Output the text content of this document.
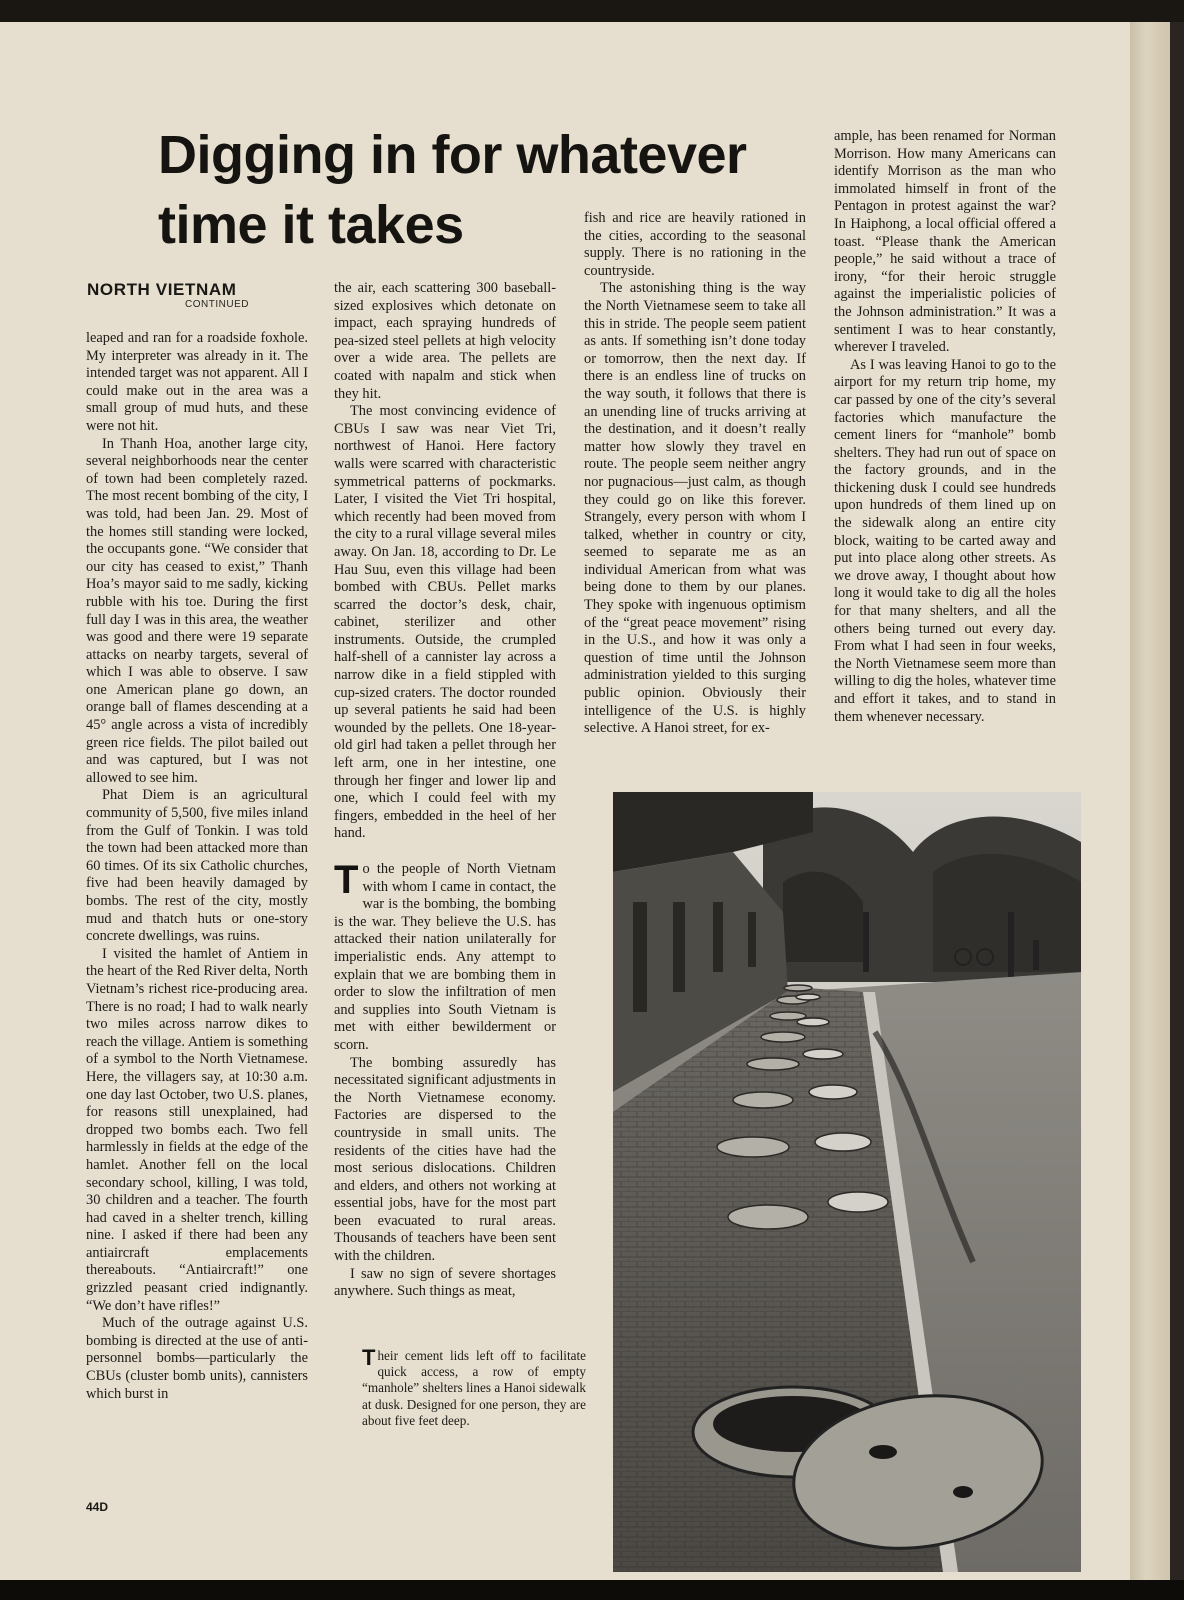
Digging in for whatever
time it takes
NORTH VIETNAM
CONTINUED

leaped and ran for a roadside foxhole. My interpreter was already in it. The intended target was not apparent. All I could make out in the area was a small group of mud huts, and these were not hit.

In Thanh Hoa, another large city, several neighborhoods near the center of town had been completely razed. The most recent bombing of the city, I was told, had been Jan. 29. Most of the homes still standing were locked, the occupants gone. “We consider that our city has ceased to exist,” Thanh Hoa’s mayor said to me sadly, kicking rubble with his toe. During the first full day I was in this area, the weather was good and there were 19 separate attacks on nearby targets, several of which I was able to observe. I saw one American plane go down, an orange ball of flames descending at a 45° angle across a vista of incredibly green rice fields. The pilot bailed out and was captured, but I was not allowed to see him.

Phat Diem is an agricultural community of 5,500, five miles inland from the Gulf of Tonkin. I was told the town had been attacked more than 60 times. Of its six Catholic churches, five had been heavily damaged by bombs. The rest of the city, mostly mud and thatch huts or one-story concrete dwellings, was ruins.

I visited the hamlet of Antiem in the heart of the Red River delta, North Vietnam’s richest rice-producing area. There is no road; I had to walk nearly two miles across narrow dikes to reach the village. Antiem is something of a symbol to the North Vietnamese. Here, the villagers say, at 10:30 a.m. one day last October, two U.S. planes, for reasons still unexplained, had dropped two bombs each. Two fell harmlessly in fields at the edge of the hamlet. Another fell on the local secondary school, killing, I was told, 30 children and a teacher. The fourth had caved in a shelter trench, killing nine. I asked if there had been any antiaircraft emplacements thereabouts. “Antiaircraft!” one grizzled peasant cried indignantly. “We don’t have rifles!”

Much of the outrage against U.S. bombing is directed at the use of anti-personnel bombs—particularly the CBUs (cluster bomb units), cannisters which burst in

the air, each scattering 300 baseball-sized explosives which detonate on impact, each spraying hundreds of pea-sized steel pellets at high velocity over a wide area. The pellets are coated with napalm and stick when they hit.

The most convincing evidence of CBUs I saw was near Viet Tri, northwest of Hanoi. Here factory walls were scarred with characteristic symmetrical patterns of pockmarks. Later, I visited the Viet Tri hospital, which recently had been moved from the city to a rural village several miles away. On Jan. 18, according to Dr. Le Hau Suu, even this village had been bombed with CBUs. Pellet marks scarred the doctor’s desk, chair, cabinet, sterilizer and other instruments. Outside, the crumpled half-shell of a cannister lay across a narrow dike in a field stippled with cup-sized craters. The doctor rounded up several patients he said had been wounded by the pellets. One 18-year-old girl had taken a pellet through her left arm, one in her intestine, one through her finger and lower lip and one, which I could feel with my fingers, embedded in the heel of her hand.

To the people of North Vietnam with whom I came in contact, the war is the bombing, the bombing is the war. They believe the U.S. has attacked their nation unilaterally for imperialistic ends. Any attempt to explain that we are bombing them in order to slow the infiltration of men and supplies into South Vietnam is met with either bewilderment or scorn.

The bombing assuredly has necessitated significant adjustments in the North Vietnamese economy. Factories are dispersed to the countryside in small units. The residents of the cities have had the most serious dislocations. Children and elders, and others not working at essential jobs, have for the most part been evacuated to rural areas. Thousands of teachers have been sent with the children.

I saw no sign of severe shortages anywhere. Such things as meat,

fish and rice are heavily rationed in the cities, according to the seasonal supply. There is no rationing in the countryside.

The astonishing thing is the way the North Vietnamese seem to take all this in stride. The people seem patient as ants. If something isn’t done today or tomorrow, then the next day. If there is an endless line of trucks on the way south, it follows that there is an unending line of trucks arriving at the destination, and it doesn’t really matter how slowly they travel en route. The people seem neither angry nor pugnacious—just calm, as though they could go on like this forever. Strangely, every person with whom I talked, whether in country or city, seemed to separate me as an individual American from what was being done to them by our planes. They spoke with ingenuous optimism of the “great peace movement” rising in the U.S., and how it was only a question of time until the Johnson administration yielded to this surging public opinion. Obviously their intelligence of the U.S. is highly selective. A Hanoi street, for ex-

ample, has been renamed for Norman Morrison. How many Americans can identify Morrison as the man who immolated himself in front of the Pentagon in protest against the war? In Haiphong, a local official offered a toast. “Please thank the American people,” he said without a trace of irony, “for their heroic struggle against the imperialistic policies of the Johnson administration.” It was a sentiment I was to hear constantly, wherever I traveled.

As I was leaving Hanoi to go to the airport for my return trip home, my car passed by one of the city’s several factories which manufacture the cement liners for “manhole” bomb shelters. They had run out of space on the factory grounds, and in the thickening dusk I could see hundreds upon hundreds of them lined up on the sidewalk along an entire city block, waiting to be carted away and put into place along other streets. As we drove away, I thought about how long it would take to dig all the holes for that many shelters, and all the others being turned out every day. From what I had seen in four weeks, the North Vietnamese seem more than willing to dig the holes, whatever time and effort it takes, and to stand in them whenever necessary.

Their cement lids left off to facilitate quick access, a row of empty “manhole” shelters lines a Hanoi sidewalk at dusk. Designed for one person, they are about five feet deep.
44D
